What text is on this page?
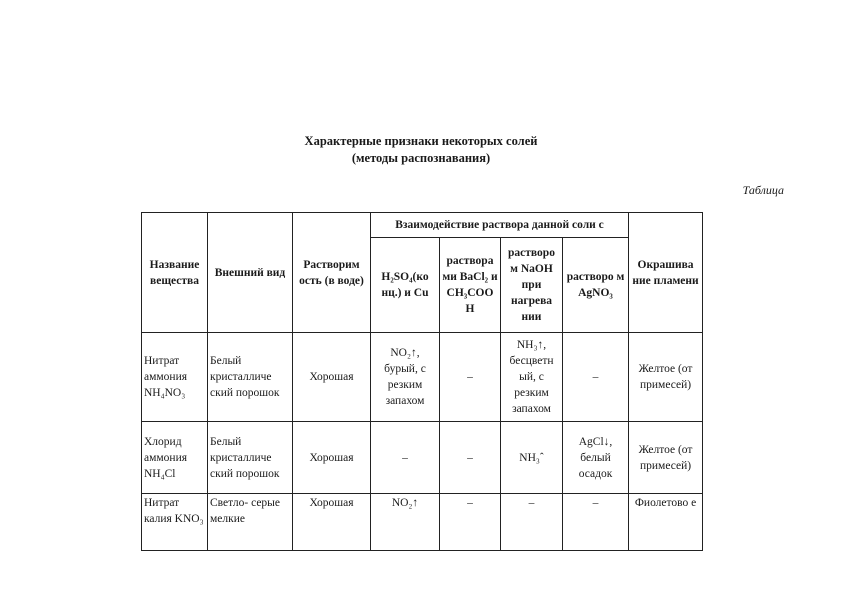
Характерные признаки некоторых солей
(методы распознавания)
Таблица
Название вещества	Внешний вид	Растворим ость (в воде)	Взаимодействие раствора данной соли с				Окрашива ние пламени
			H₂SO₄(ко нц.) и Cu	раствора ми BaCl₂ и CH₃COO H	растворо м NaOH при нагрева нии	растворо м AgNO₃	
Нитрат аммония NH₄NO₃	Белый кристалличе ский порошок	Хорошая	NO₂↑, бурый, с резким запахом	–	NH₃↑, бесцветн ый, с резким запахом	–	Желтое (от примесей)
Хлорид аммония NH₄Cl	Белый кристалличе ский порошок	Хорошая	–	–	NH₃ˆ	AgCl↓, белый осадок	Желтое (от примесей)
Нитрат калия KNO₃	Светло- серые мелкие	Хорошая	NO₂↑	–	–	–	Фиолетово е
